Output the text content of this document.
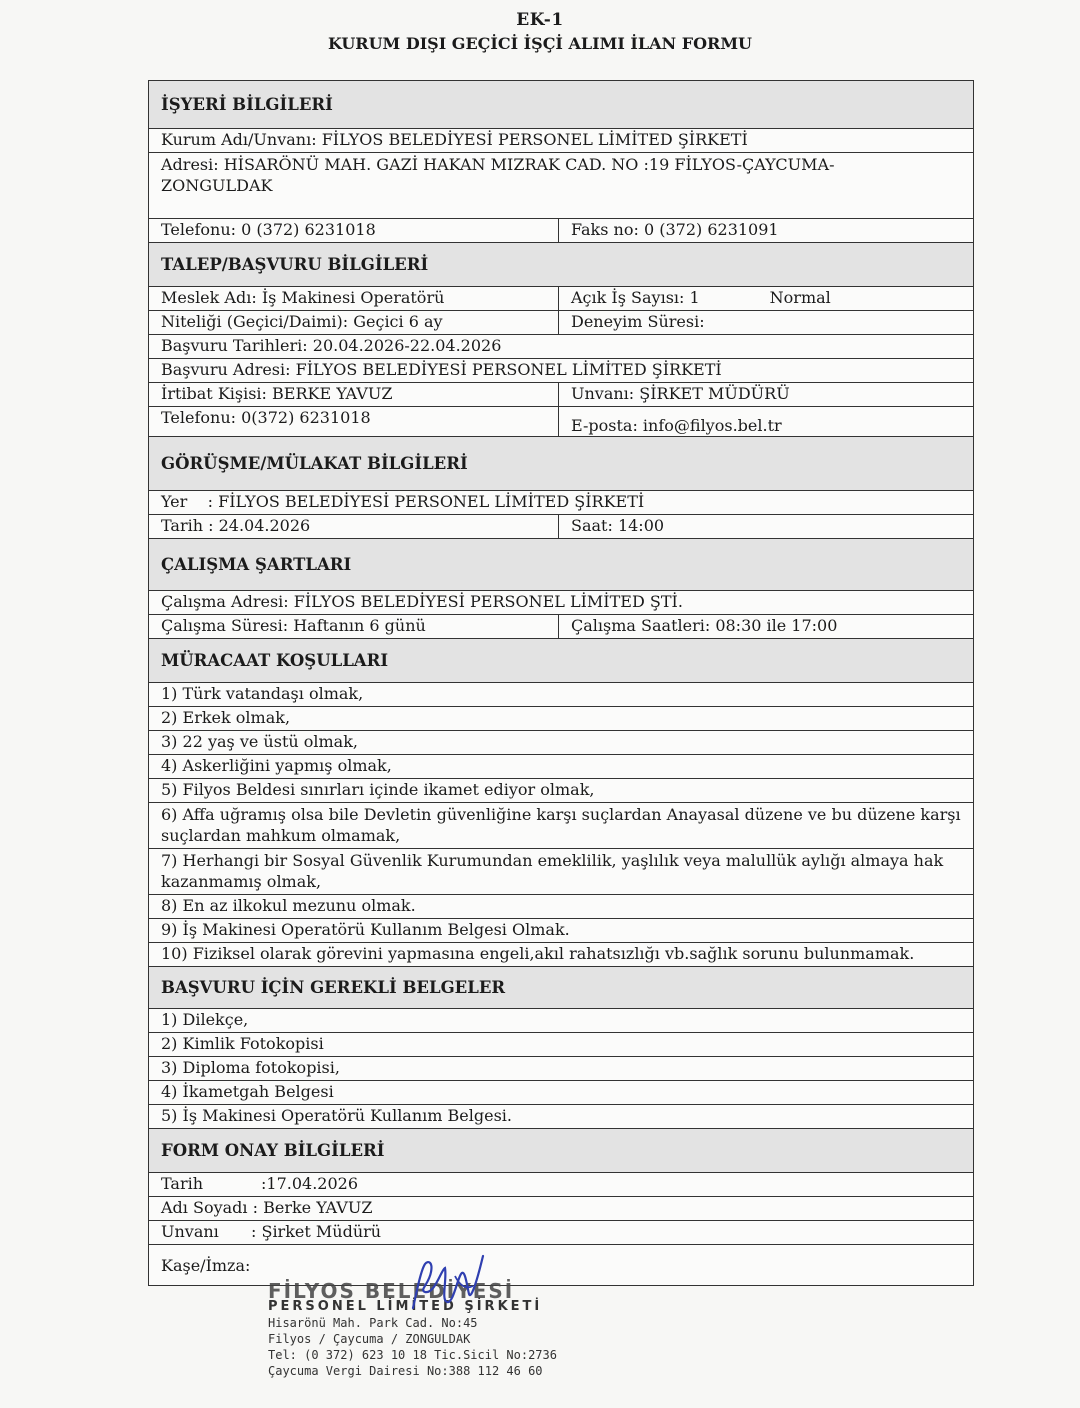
EK-1
KURUM DIŞI GEÇİCİ İŞÇİ ALIMI İLAN FORMU
İŞYERİ BİLGİLERİ
Kurum Adı/Unvanı: FİLYOS BELEDİYESİ PERSONEL LİMİTED ŞİRKETİ
Adresi: HİSARÖNÜ MAH. GAZİ HAKAN MIZRAK CAD. NO :19 FİLYOS-ÇAYCUMA-
ZONGULDAK
Telefonu: 0 (372) 6231018	Faks no: 0 (372) 6231091
TALEP/BAŞVURU BİLGİLERİ
Meslek Adı: İş Makinesi Operatörü	Açık İş Sayısı: 1	Normal
Niteliği (Geçici/Daimi): Geçici 6 ay	Deneyim Süresi:
Başvuru Tarihleri: 20.04.2026-22.04.2026
Başvuru Adresi: FİLYOS BELEDİYESİ PERSONEL LİMİTED ŞİRKETİ
İrtibat Kişisi: BERKE YAVUZ	Unvanı: ŞİRKET MÜDÜRÜ
Telefonu: 0(372) 6231018	E-posta: info@filyos.bel.tr
GÖRÜŞME/MÜLAKAT BİLGİLERİ
Yer    : FİLYOS BELEDİYESİ PERSONEL LİMİTED ŞİRKETİ
Tarih : 24.04.2026	Saat: 14:00
ÇALIŞMA ŞARTLARI
Çalışma Adresi: FİLYOS BELEDİYESİ PERSONEL LİMİTED ŞTİ.
Çalışma Süresi: Haftanın 6 günü	Çalışma Saatleri: 08:30 ile 17:00
MÜRACAAT KOŞULLARI
1) Türk vatandaşı olmak,
2) Erkek olmak,
3) 22 yaş ve üstü olmak,
4) Askerliğini yapmış olmak,
5) Filyos Beldesi sınırları içinde ikamet ediyor olmak,
6) Affa uğramış olsa bile Devletin güvenliğine karşı suçlardan Anayasal düzene ve bu düzene karşı suçlardan mahkum olmamak,
7) Herhangi bir Sosyal Güvenlik Kurumundan emeklilik, yaşlılık veya malullük aylığı almaya hak kazanmamış olmak,
8) En az ilkokul mezunu olmak.
9) İş Makinesi Operatörü Kullanım Belgesi Olmak.
10) Fiziksel olarak görevini yapmasına engeli,akıl rahatsızlığı vb.sağlık sorunu bulunmamak.
BAŞVURU İÇİN GEREKLİ BELGELER
1) Dilekçe,
2) Kimlik Fotokopisi
3) Diploma fotokopisi,
4) İkametgah Belgesi
5) İş Makinesi Operatörü Kullanım Belgesi.
FORM ONAY BİLGİLERİ
Tarih	:17.04.2026
Adı Soyadı : Berke YAVUZ
Unvanı	: Şirket Müdürü
Kaşe/İmza:
FİLYOS BELEDİYESİ
PERSONEL LİMİTED ŞİRKETİ
Hisarönü Mah. Park Cad. No:45
Filyos / Çaycuma / ZONGULDAK
Tel: (0 372) 623 10 18 Tic.Sicil No:2736
Çaycuma Vergi Dairesi No:388 112 46 60
